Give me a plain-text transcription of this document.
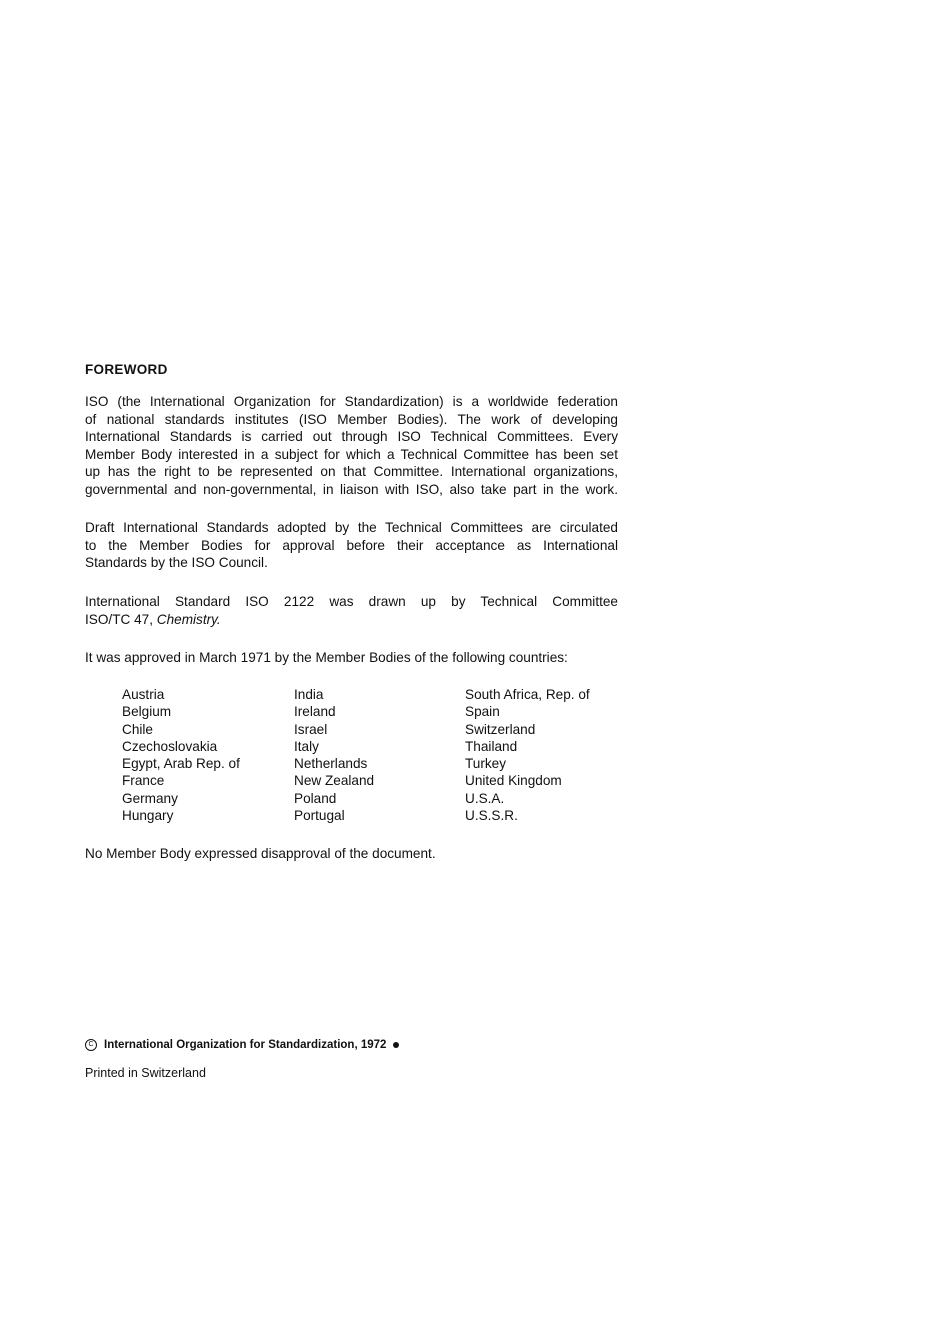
FOREWORD
ISO (the International Organization for Standardization) is a worldwide federation
of national standards institutes (ISO Member Bodies). The work of developing
International Standards is carried out through ISO Technical Committees. Every
Member Body interested in a subject for which a Technical Committee has been set
up has the right to be represented on that Committee. International organizations,
governmental and non-governmental, in liaison with ISO, also take part in the work.
Draft International Standards adopted by the Technical Committees are circulated
to the Member Bodies for approval before their acceptance as International
Standards by the ISO Council.
International Standard ISO 2122 was drawn up by Technical Committee
ISO/TC 47, Chemistry.
It was approved in March 1971 by the Member Bodies of the following countries:
Austria
Belgium
Chile
Czechoslovakia
Egypt, Arab Rep. of
France
Germany
Hungary
India
Ireland
Israel
Italy
Netherlands
New Zealand
Poland
Portugal
South Africa, Rep. of
Spain
Switzerland
Thailand
Turkey
United Kingdom
U.S.A.
U.S.S.R.
No Member Body expressed disapproval of the document.
C International Organization for Standardization, 1972
Printed in Switzerland
